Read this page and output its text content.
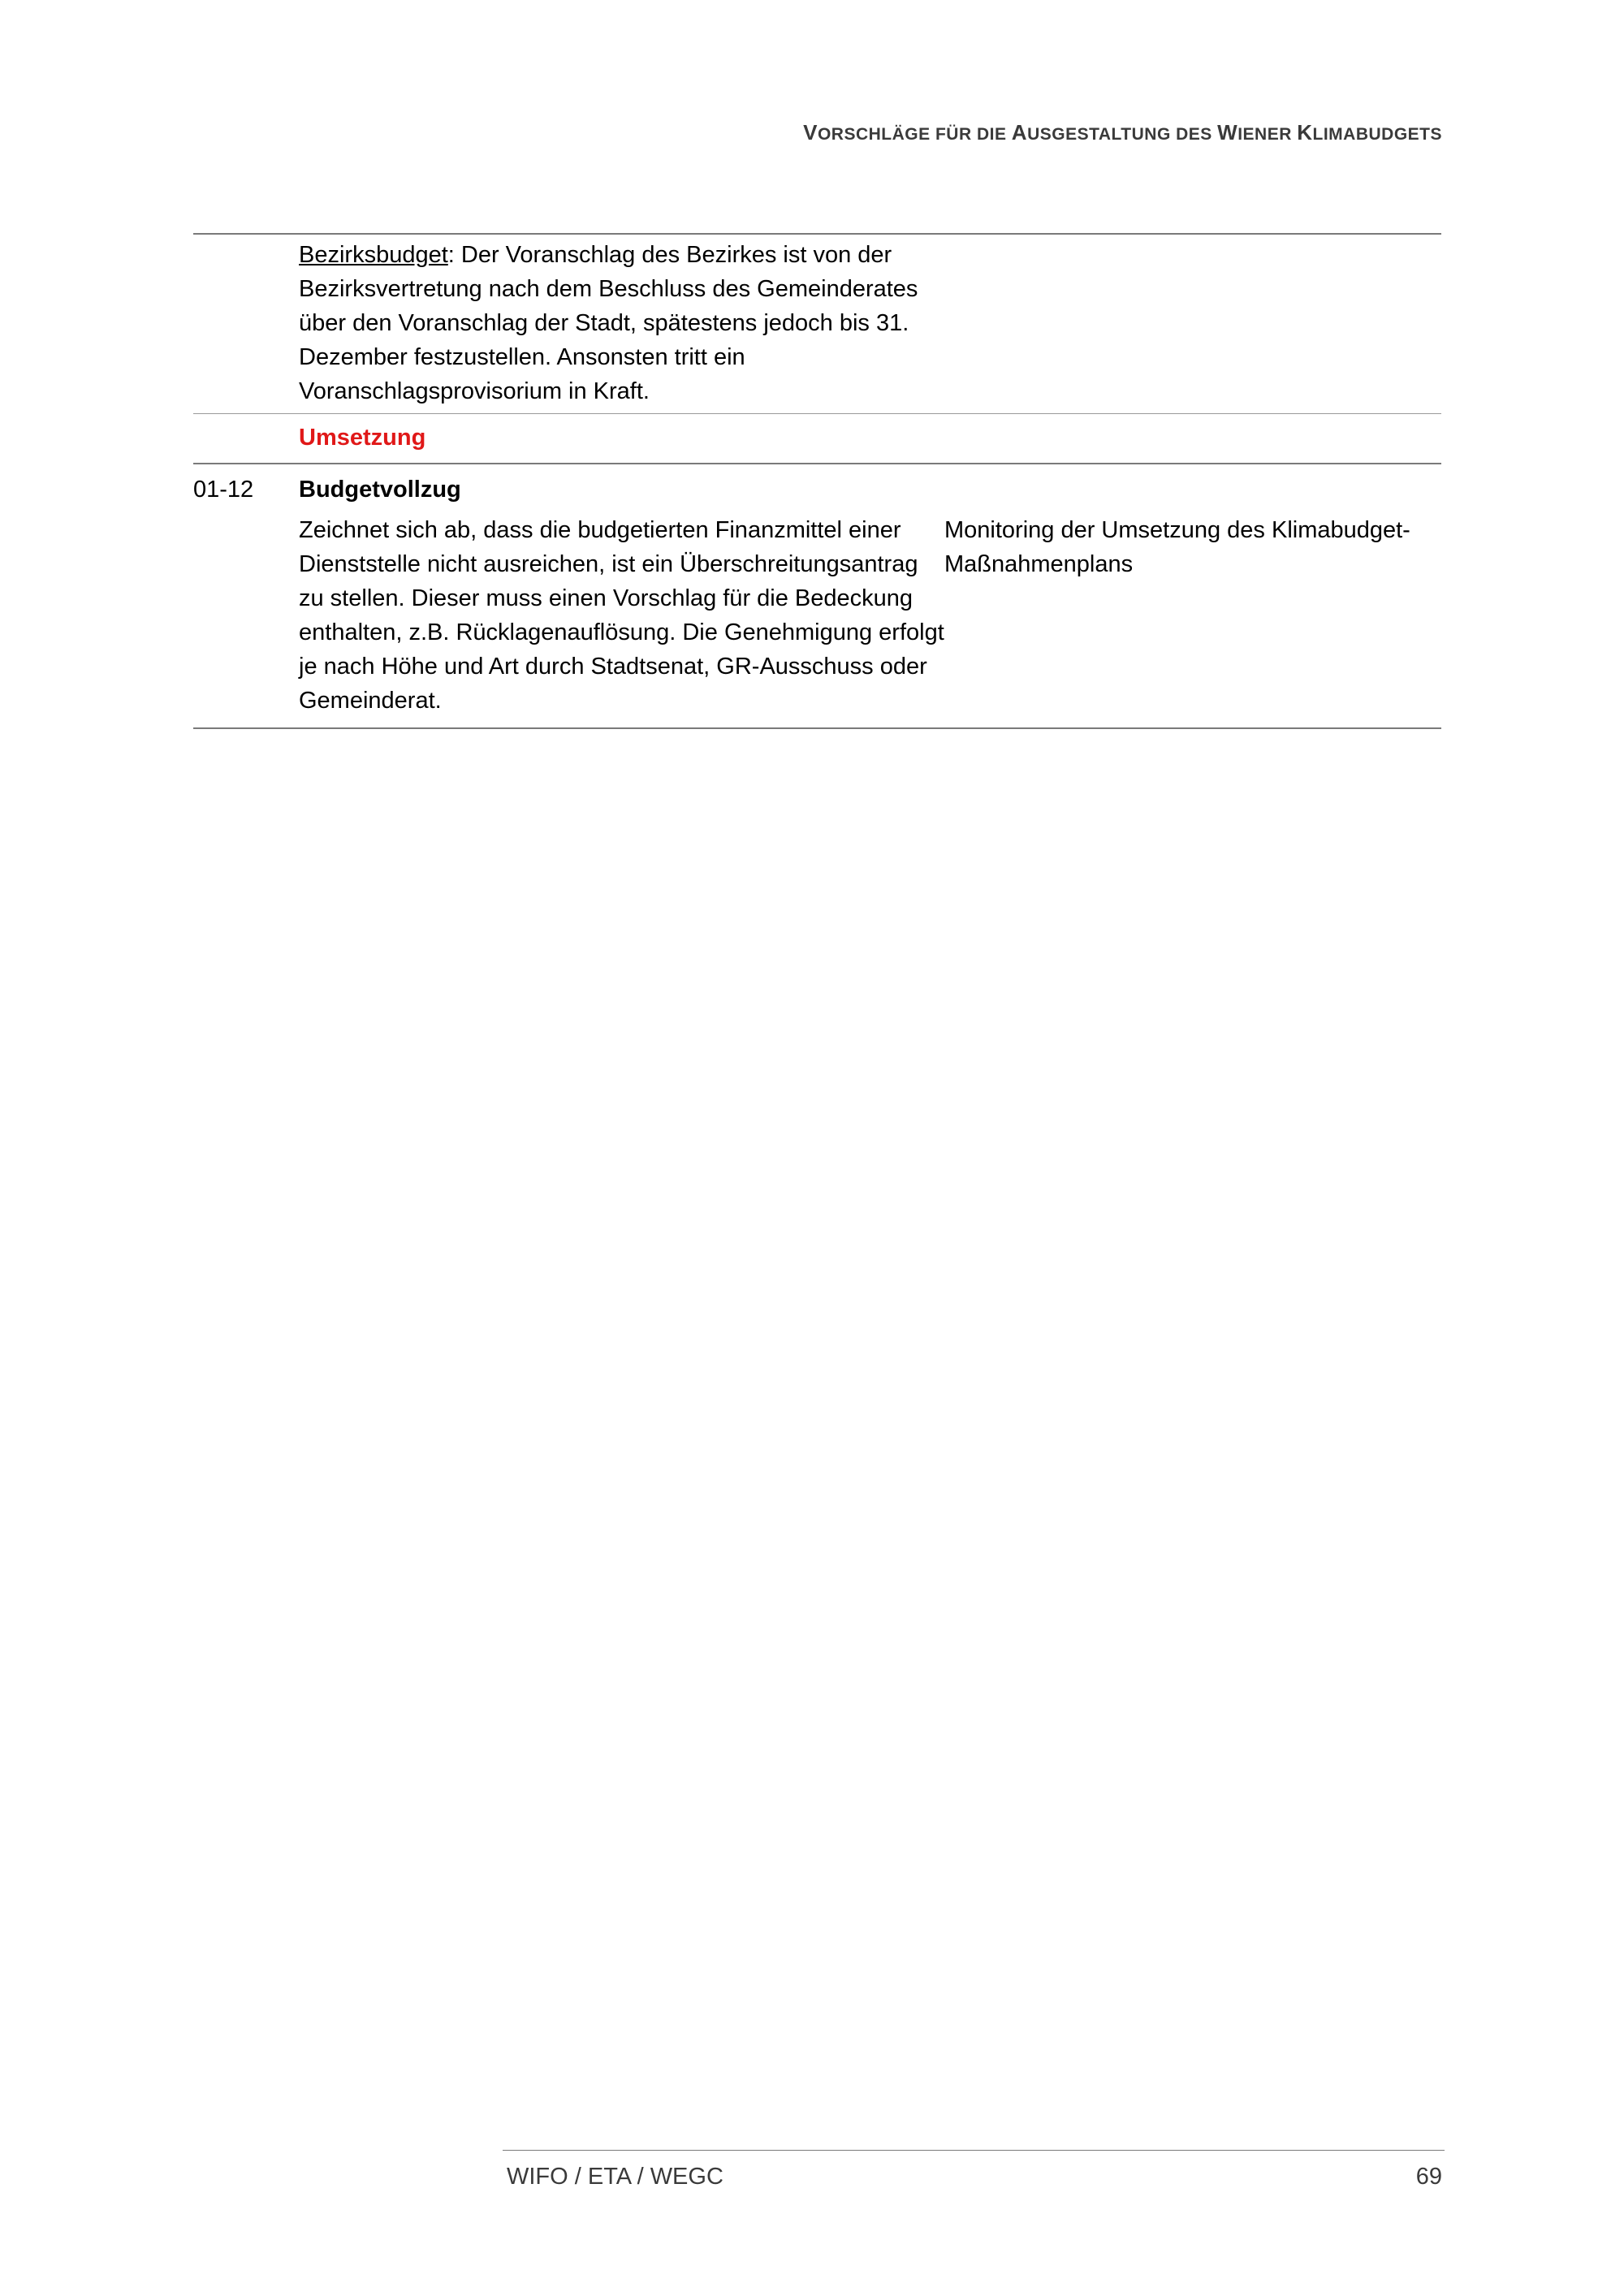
VORSCHLÄGE FÜR DIE AUSGESTALTUNG DES WIENER KLIMABUDGETS
Bezirksbudget: Der Voranschlag des Bezirkes ist von der Bezirksvertretung nach dem Beschluss des Gemeinderates über den Voranschlag der Stadt, spätestens jedoch bis 31. Dezember festzustellen. Ansonsten tritt ein Voranschlagsprovisorium in Kraft.
Umsetzung
01-12	Budgetvollzug
Zeichnet sich ab, dass die budgetierten Finanzmittel einer Dienststelle nicht ausreichen, ist ein Überschreitungsantrag zu stellen. Dieser muss einen Vorschlag für die Bedeckung enthalten, z.B. Rücklagenauflösung. Die Genehmigung erfolgt je nach Höhe und Art durch Stadtsenat, GR-Ausschuss oder Gemeinderat.
Monitoring der Umsetzung des Klimabudget-Maßnahmenplans
WIFO / ETA / WEGC	69
